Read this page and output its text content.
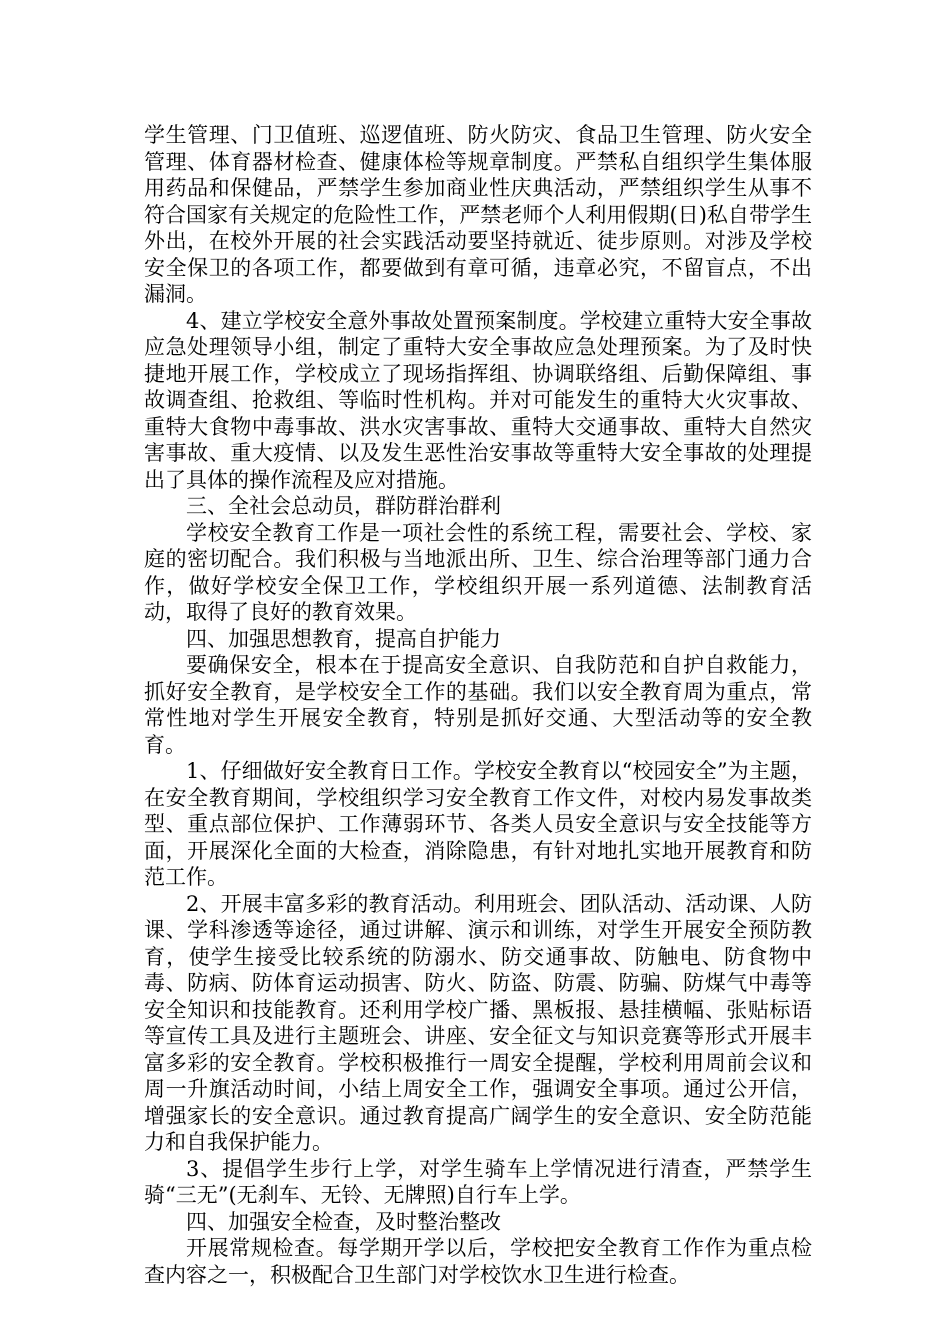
学生管理、门卫值班、巡逻值班、防火防灾、食品卫生管理、防火安全管理、体育器材检查、健康体检等规章制度。严禁私自组织学生集体服用药品和保健品，严禁学生参加商业性庆典活动，严禁组织学生从事不符合国家有关规定的危险性工作，严禁老师个人利用假期(日)私自带学生外出，在校外开展的社会实践活动要坚持就近、徒步原则。对涉及学校安全保卫的各项工作，都要做到有章可循，违章必究，不留盲点，不出漏洞。

4、建立学校安全意外事故处置预案制度。学校建立重特大安全事故应急处理领导小组，制定了重特大安全事故应急处理预案。为了及时快捷地开展工作，学校成立了现场指挥组、协调联络组、后勤保障组、事故调查组、抢救组、等临时性机构。并对可能发生的重特大火灾事故、重特大食物中毒事故、洪水灾害事故、重特大交通事故、重特大自然灾害事故、重大疫情、以及发生恶性治安事故等重特大安全事故的处理提出了具体的操作流程及应对措施。

三、全社会总动员，群防群治群利

学校安全教育工作是一项社会性的系统工程，需要社会、学校、家庭的密切配合。我们积极与当地派出所、卫生、综合治理等部门通力合作，做好学校安全保卫工作，学校组织开展一系列道德、法制教育活动，取得了良好的教育效果。

四、加强思想教育，提高自护能力

要确保安全，根本在于提高安全意识、自我防范和自护自救能力，抓好安全教育，是学校安全工作的基础。我们以安全教育周为重点，常常性地对学生开展安全教育，特别是抓好交通、大型活动等的安全教育。

1、仔细做好安全教育日工作。学校安全教育以“校园安全”为主题，在安全教育期间，学校组织学习安全教育工作文件，对校内易发事故类型、重点部位保护、工作薄弱环节、各类人员安全意识与安全技能等方面，开展深化全面的大检查，消除隐患，有针对地扎实地开展教育和防范工作。

2、开展丰富多彩的教育活动。利用班会、团队活动、活动课、人防课、学科渗透等途径，通过讲解、演示和训练，对学生开展安全预防教育，使学生接受比较系统的防溺水、防交通事故、防触电、防食物中毒、防病、防体育运动损害、防火、防盗、防震、防骗、防煤气中毒等安全知识和技能教育。还利用学校广播、黑板报、悬挂横幅、张贴标语等宣传工具及进行主题班会、讲座、安全征文与知识竞赛等形式开展丰富多彩的安全教育。学校积极推行一周安全提醒，学校利用周前会议和周一升旗活动时间，小结上周安全工作，强调安全事项。通过公开信，增强家长的安全意识。通过教育提高广阔学生的安全意识、安全防范能力和自我保护能力。

3、提倡学生步行上学，对学生骑车上学情况进行清查，严禁学生骑“三无”(无刹车、无铃、无牌照)自行车上学。

四、加强安全检查，及时整治整改

开展常规检查。每学期开学以后，学校把安全教育工作作为重点检查内容之一，积极配合卫生部门对学校饮水卫生进行检查。
